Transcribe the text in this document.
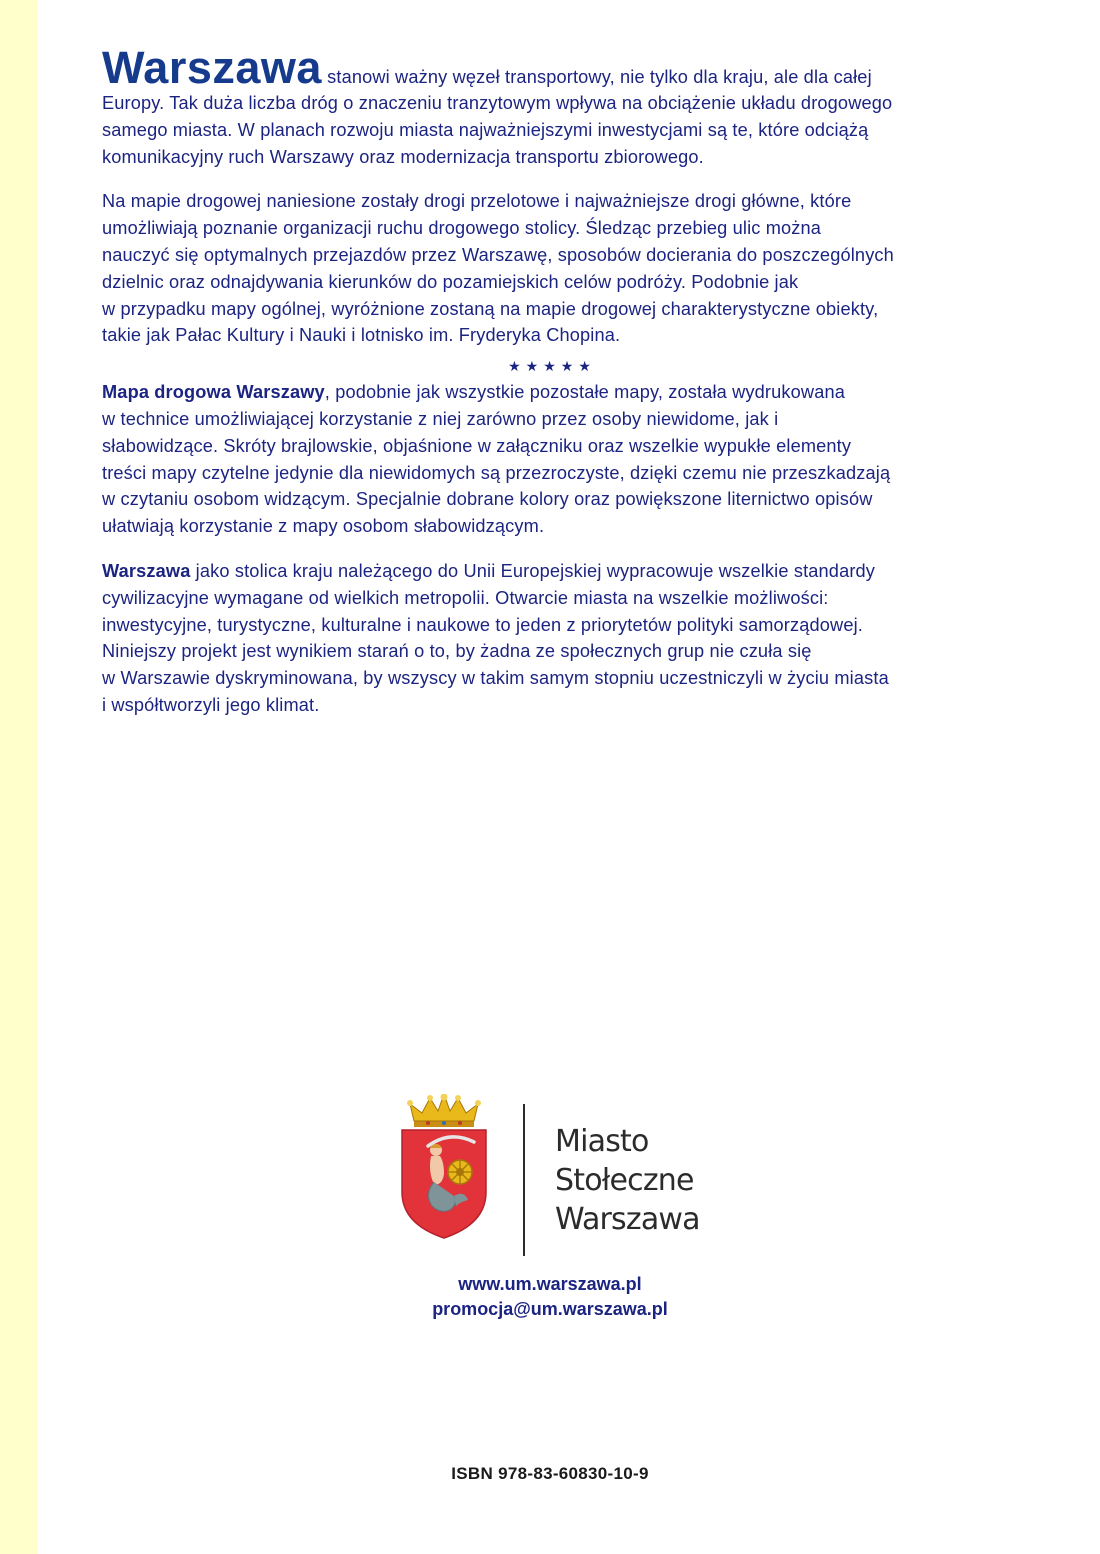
Warszawa stanowi ważny węzeł transportowy, nie tylko dla kraju, ale dla całej
Europy. Tak duża liczba dróg o znaczeniu tranzytowym wpływa na obciążenie układu drogowego
samego miasta. W planach rozwoju miasta najważniejszymi inwestycjami są te, które odciążą
komunikacyjny ruch Warszawy oraz modernizacja transportu zbiorowego.
Na mapie drogowej naniesione zostały drogi przelotowe i najważniejsze drogi główne, które
umożliwiają poznanie organizacji ruchu drogowego stolicy. Śledząc przebieg ulic można
nauczyć się optymalnych przejazdów przez Warszawę, sposobów docierania do poszczególnych
dzielnic oraz odnajdywania kierunków do pozamiejskich celów podróży. Podobnie jak
w przypadku mapy ogólnej, wyróżnione zostaną na mapie drogowej charakterystyczne obiekty,
takie jak Pałac Kultury i Nauki i lotnisko im. Fryderyka Chopina.
★★★★★
Mapa drogowa Warszawy, podobnie jak wszystkie pozostałe mapy, została wydrukowana
w technice umożliwiającej korzystanie z niej zarówno przez osoby niewidome, jak i
słabowidzące. Skróty brajlowskie, objaśnione w załączniku oraz wszelkie wypukłe elementy
treści mapy czytelne jedynie dla niewidomych są przezroczyste, dzięki czemu nie przeszkadzają
w czytaniu osobom widzącym. Specjalnie dobrane kolory oraz powiększone liternictwo opisów
ułatwiają korzystanie z mapy osobom słabowidzącym.
Warszawa jako stolica kraju należącego do Unii Europejskiej wypracowuje wszelkie standardy
cywilizacyjne wymagane od wielkich metropolii. Otwarcie miasta na wszelkie możliwości:
inwestycyjne, turystyczne, kulturalne i naukowe to jeden z priorytetów polityki samorządowej.
Niniejszy projekt jest wynikiem starań o to, by żadna ze społecznych grup nie czuła się
w Warszawie dyskryminowana, by wszyscy w takim samym stopniu uczestniczyli w życiu miasta
i współtworzyli jego klimat.
Miasto
Stołeczne
Warszawa
www.um.warszawa.pl
promocja@um.warszawa.pl
ISBN 978-83-60830-10-9
